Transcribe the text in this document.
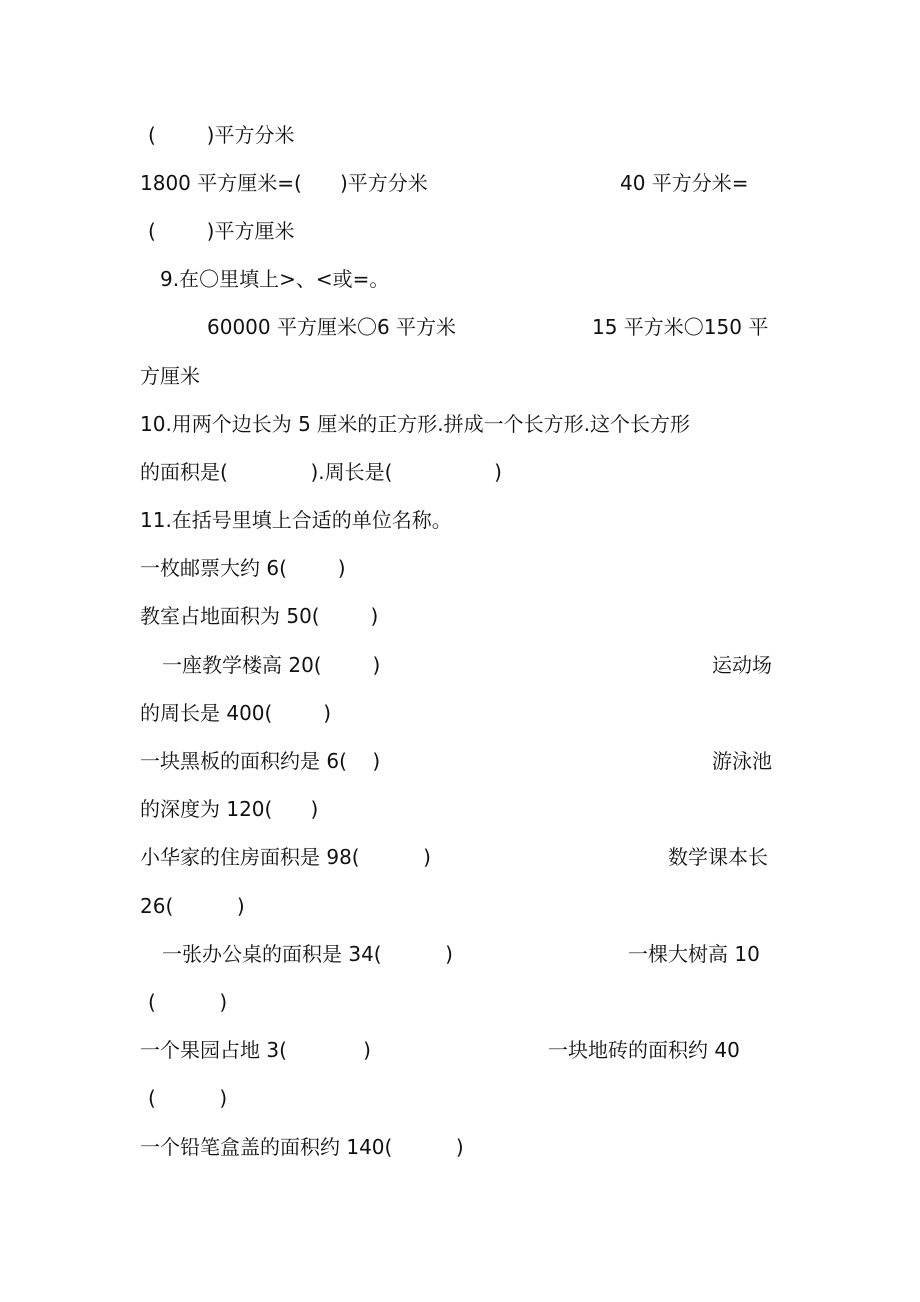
(        )平方分米

1800 平方厘米=(      )平方分米

	40 平方分米=

(        )平方厘米

9.在〇里填上>、<或=。

60000 平方厘米〇6 平方米

	15 平方米〇150 平

方厘米

10.用两个边长为 5 厘米的正方形.拼成一个长方形.这个长方形

的面积是(             ).周长是(                )

11.在括号里填上合适的单位名称。

一枚邮票大约 6(        )

教室占地面积为 50(        )

一座教学楼高 20(        )

	运动场

的周长是 400(        )

一块黑板的面积约是 6(    )

	游泳池

的深度为 120(      )

小华家的住房面积是 98(          )

	数学课本长

26(          )

一张办公桌的面积是 34(          )

	一棵大树高 10

(          )

一个果园占地 3(            )

	一块地砖的面积约 40

(          )

一个铅笔盒盖的面积约 140(          )
